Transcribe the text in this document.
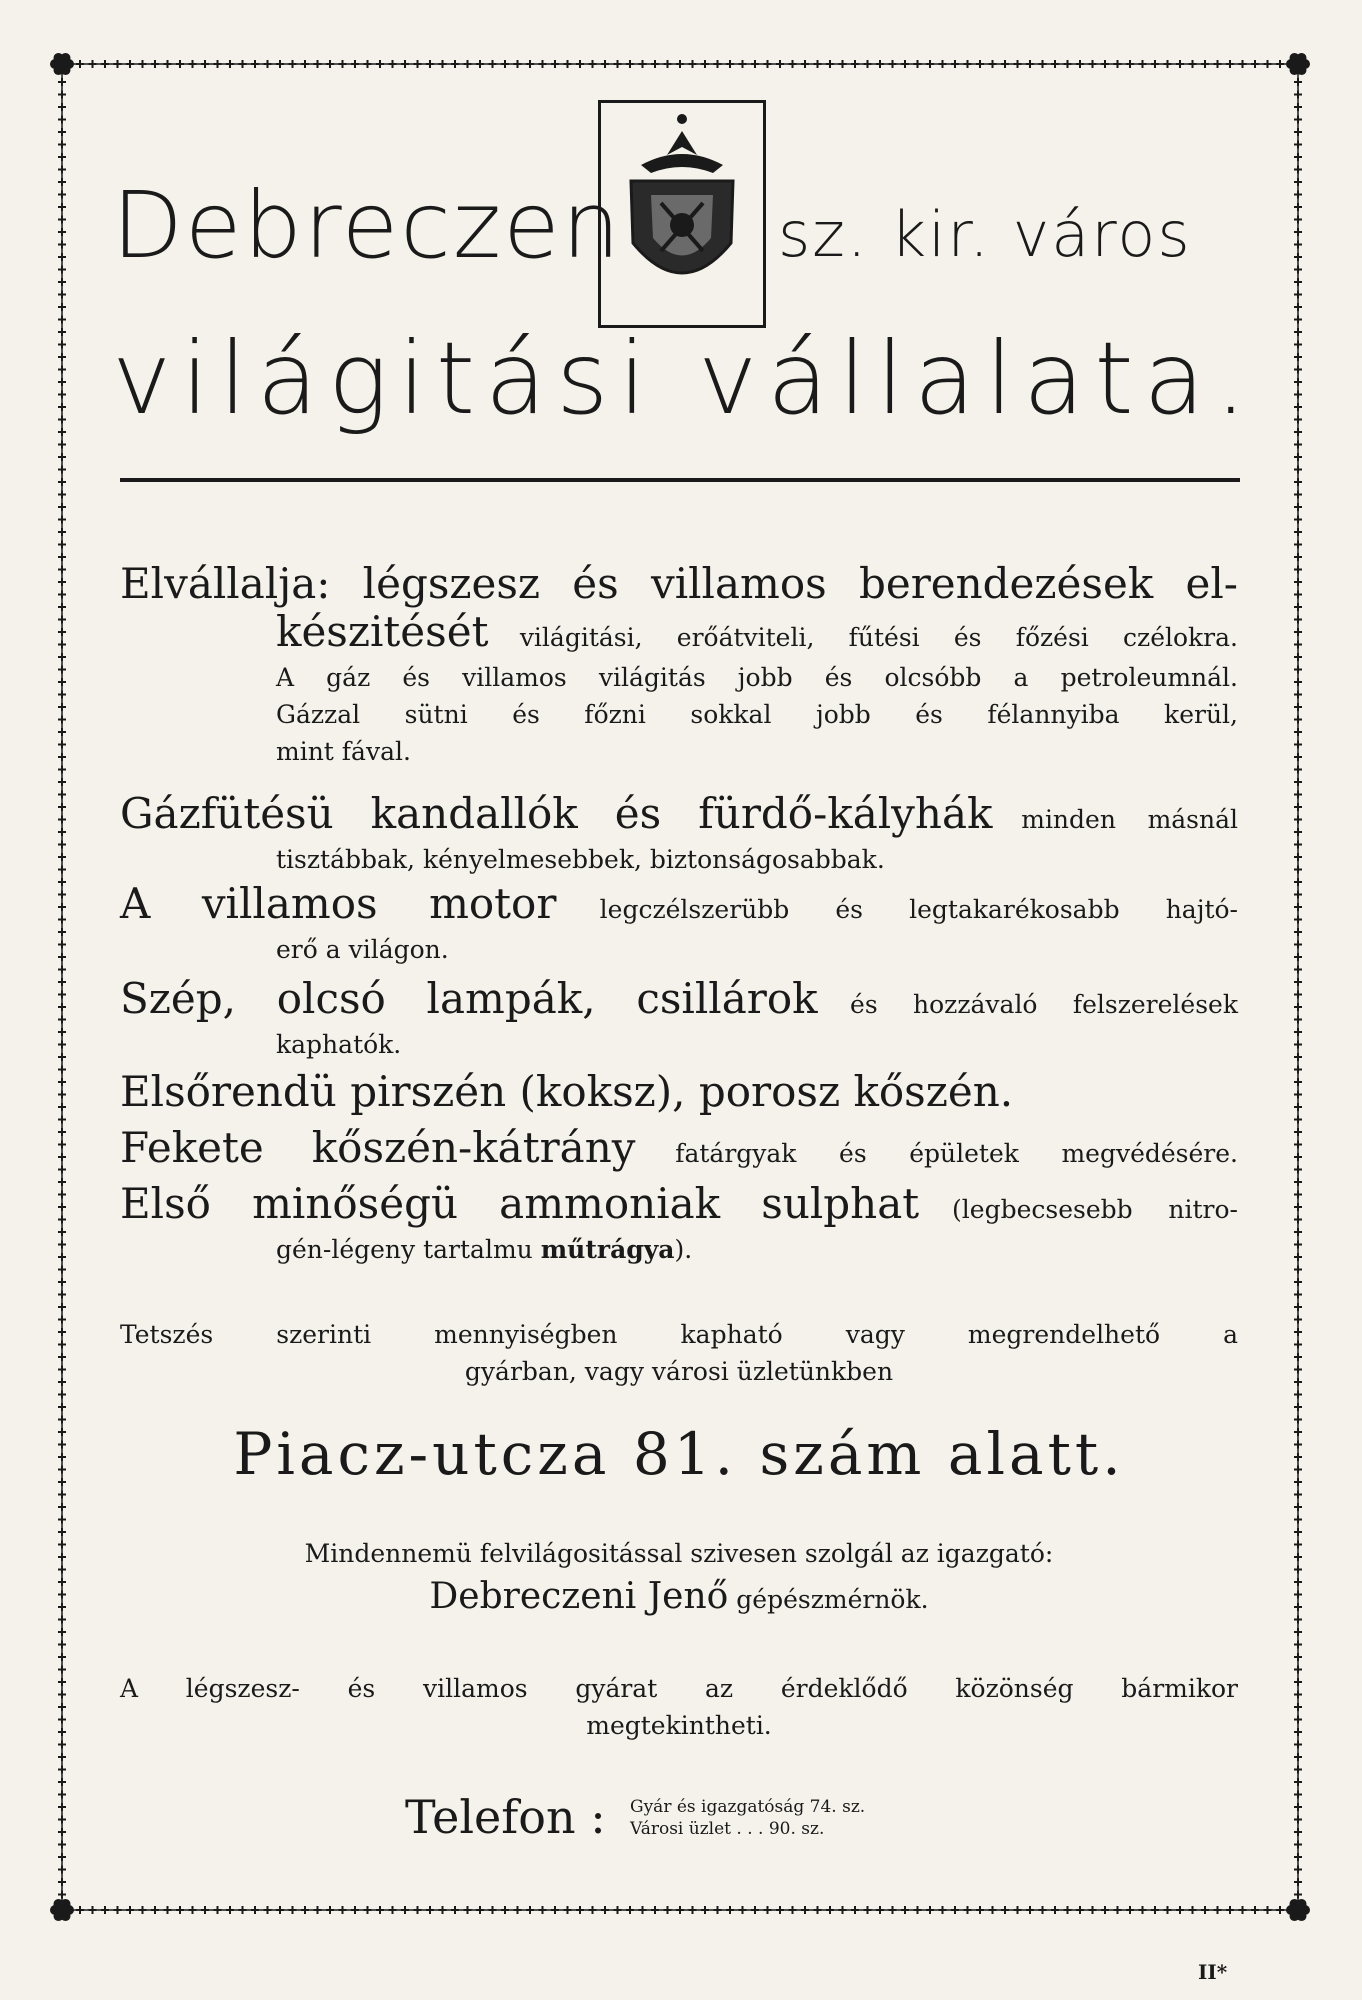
Debreczen	sz. kir. város
világitási vállalata.
Elvállalja: légszesz és villamos berendezések el-
készitését világitási, erőátviteli, fűtési és főzési czélokra.
A gáz és villamos világitás jobb és olcsóbb a petroleumnál.
Gázzal sütni és főzni sokkal jobb és félannyiba kerül,
mint fával.
Gázfütésü kandallók és fürdő-kályhák minden másnál
tisztábbak, kényelmesebbek, biztonságosabbak.
A villamos motor legczélszerübb és legtakarékosabb hajtó-
erő a világon.
Szép, olcsó lampák, csillárok és hozzávaló felszerelések
kaphatók.
Elsőrendü pirszén (koksz), porosz kőszén.
Fekete kőszén-kátrány fatárgyak és épületek megvédésére.
Első minőségü ammoniak sulphat (legbecsesebb nitro-
gén-légeny tartalmu műtrágya).
Tetszés szerinti mennyiségben kapható vagy megrendelhető a
gyárban, vagy városi üzletünkben
Piacz-utcza 81. szám alatt.
Mindennemü felvilágositással szivesen szolgál az igazgató:
Debreczeni Jenő gépészmérnök.
A légszesz- és villamos gyárat az érdeklődő közönség bármikor
megtekintheti.
Telefon : Gyár és igazgatóság 74. sz.
Városi üzlet . . . 90. sz.
II*
